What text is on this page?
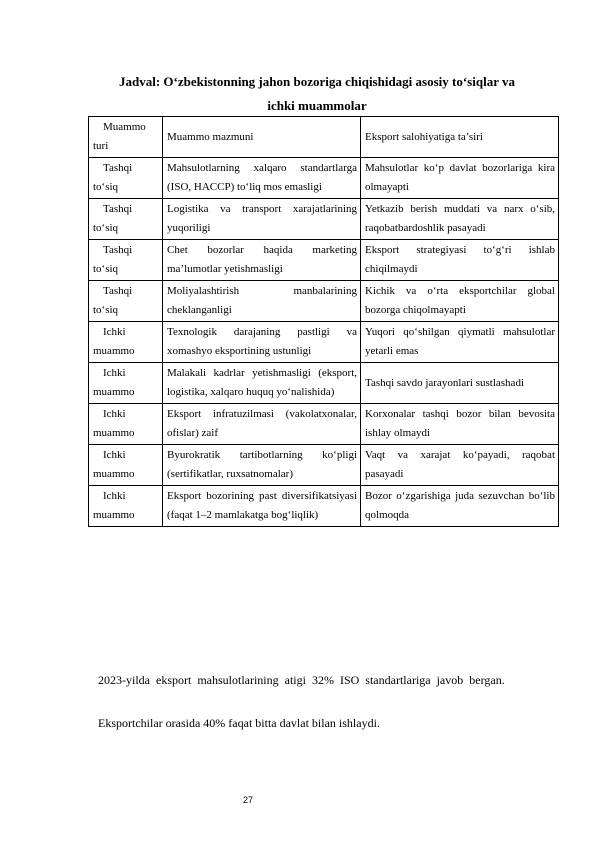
Jadval: O‘zbekistonning jahon bozoriga chiqishidagi asosiy to‘siqlar va
ichki muammolar
Muammo turi	Muammo mazmuni	Eksport salohiyatiga ta’siri
Tashqi to‘siq	Mahsulotlarning xalqaro standartlarga (ISO, HACCP) to‘liq mos emasligi	Mahsulotlar ko‘p davlat bozorlariga kira olmayapti
Tashqi to‘siq	Logistika va transport xarajatlarining yuqoriligi	Yetkazib berish muddati va narx o‘sib, raqobatbardoshlik pasayadi
Tashqi to‘siq	Chet bozorlar haqida marketing ma’lumotlar yetishmasligi	Eksport strategiyasi to‘g‘ri ishlab chiqilmaydi
Tashqi to‘siq	Moliyalashtirish manbalarining cheklanganligi	Kichik va o‘rta eksportchilar global bozorga chiqolmayapti
Ichki muammo	Texnologik darajaning pastligi va xomashyo eksportining ustunligi	Yuqori qo‘shilgan qiymatli mahsulotlar yetarli emas
Ichki muammo	Malakali kadrlar yetishmasligi (eksport, logistika, xalqaro huquq yo‘nalishida)	Tashqi savdo jarayonlari sustlashadi
Ichki muammo	Eksport infratuzilmasi (vakolatxonalar, ofislar) zaif	Korxonalar tashqi bozor bilan bevosita ishlay olmaydi
Ichki muammo	Byurokratik tartibotlarning ko‘pligi (sertifikatlar, ruxsatnomalar)	Vaqt va xarajat ko‘payadi, raqobat pasayadi
Ichki muammo	Eksport bozorining past diversifikatsiyasi (faqat 1–2 mamlakatga bog‘liqlik)	Bozor o‘zgarishiga juda sezuvchan bo‘lib qolmoqda
2023-yilda eksport mahsulotlarining atigi 32% ISO standartlariga javob bergan.
Eksportchilar orasida 40% faqat bitta davlat bilan ishlaydi.
27
